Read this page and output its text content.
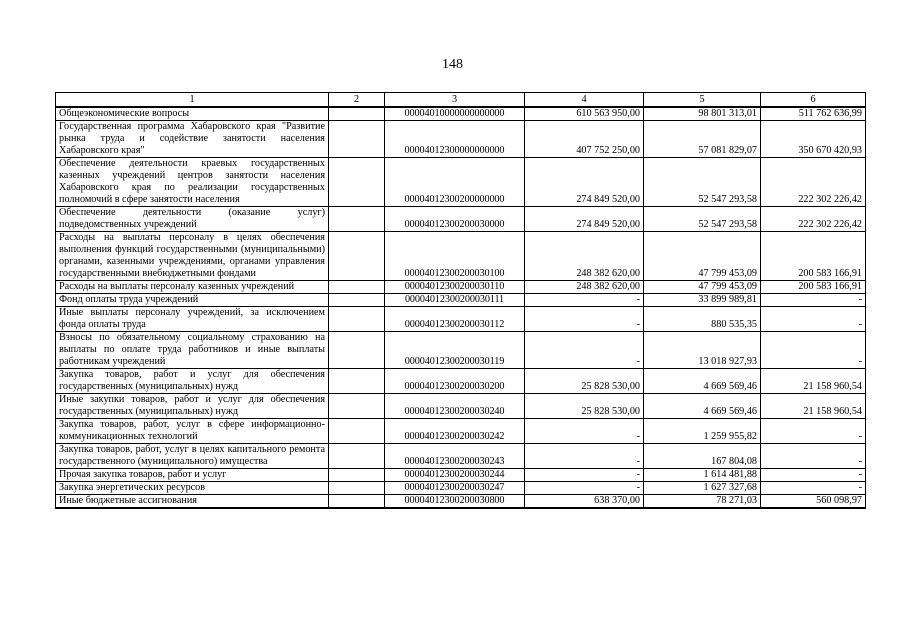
148
1	2	3	4	5	6
Общеэкономические вопросы		00004010000000000000	610 563 950,00	98 801 313,01	511 762 636,99
Государственная программа Хабаровского края "Развитие рынка труда и содействие занятости населения Хабаровского края"		00004012300000000000	407 752 250,00	57 081 829,07	350 670 420,93
Обеспечение деятельности краевых государственных казенных учреждений центров занятости населения Хабаровского края по реализации государственных полномочий в сфере занятости населения		00004012300200000000	274 849 520,00	52 547 293,58	222 302 226,42
Обеспечение деятельности (оказание услуг) подведомственных учреждений		00004012300200030000	274 849 520,00	52 547 293,58	222 302 226,42
Расходы на выплаты персоналу в целях обеспечения выполнения функций государственными (муниципальными) органами, казенными учреждениями, органами управления государственными внебюджетными фондами		00004012300200030100	248 382 620,00	47 799 453,09	200 583 166,91
Расходы на выплаты персоналу казенных учреждений		00004012300200030110	248 382 620,00	47 799 453,09	200 583 166,91
Фонд оплаты труда учреждений		00004012300200030111	-	33 899 989,81	-
Иные выплаты персоналу учреждений, за исключением фонда оплаты труда		00004012300200030112	-	880 535,35	-
Взносы по обязательному социальному страхованию на выплаты по оплате труда работников и иные выплаты работникам учреждений		00004012300200030119	-	13 018 927,93	-
Закупка товаров, работ и услуг для обеспечения государственных (муниципальных) нужд		00004012300200030200	25 828 530,00	4 669 569,46	21 158 960,54
Иные закупки товаров, работ и услуг для обеспечения государственных (муниципальных) нужд		00004012300200030240	25 828 530,00	4 669 569,46	21 158 960,54
Закупка товаров, работ, услуг в сфере информационно-коммуникационных технологий		00004012300200030242	-	1 259 955,82	-
Закупка товаров, работ, услуг в целях капитального ремонта государственного (муниципального) имущества		00004012300200030243	-	167 804,08	-
Прочая закупка товаров, работ и услуг		00004012300200030244	-	1 614 481,88	-
Закупка энергетических ресурсов		00004012300200030247	-	1 627 327,68	-
Иные бюджетные ассигнования		00004012300200030800	638 370,00	78 271,03	560 098,97
